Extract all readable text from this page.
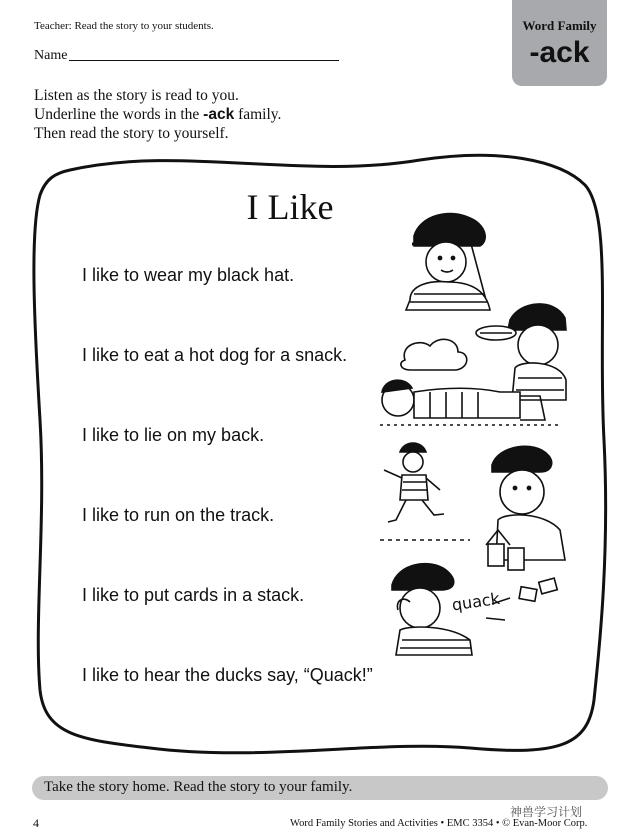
Teacher: Read the story to your students.
Name
Word Family
-ack
Listen as the story is read to you.
Underline the words in the -ack family.
Then read the story to yourself.
quack
I Like
I like to wear my black hat.
I like to eat a hot dog for a snack.
I like to lie on my back.
I like to run on the track.
I like to put cards in a stack.
I like to hear the ducks say, “Quack!”
Take the story home. Read the story to your family.
4	Word Family Stories and Activities • EMC 3354 • © Evan-Moor Corp.
神兽学习计划
